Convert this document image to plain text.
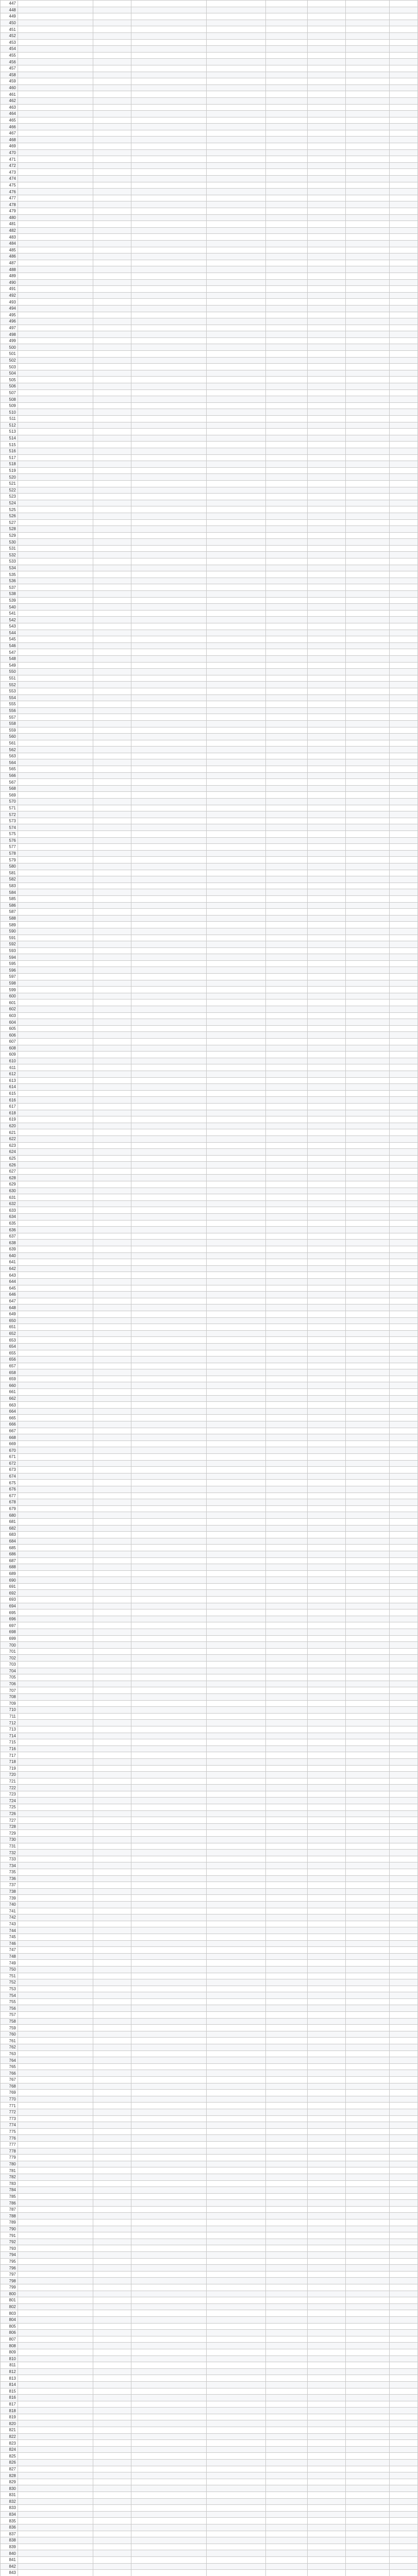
447								
448								
449								
450								
451								
452								
453								
454								
455								
456								
457								
458								
459								
460								
461								
462								
463								
464								
465								
466								
467								
468								
469								
470								
471								
472								
473								
474								
475								
476								
477								
478								
479								
480								
481								
482								
483								
484								
485								
486								
487								
488								
489								
490								
491								
492								
493								
494								
495								
496								
497								
498								
499								
500								
501								
502								
503								
504								
505								
506								
507								
508								
509								
510								
511								
512								
513								
514								
515								
516								
517								
518								
519								
520								
521								
522								
523								
524								
525								
526								
527								
528								
529								
530								
531								
532								
533								
534								
535								
536								
537								
538								
539								
540								
541								
542								
543								
544								
545								
546								
547								
548								
549								
550								
551								
552								
553								
554								
555								
556								
557								
558								
559								
560								
561								
562								
563								
564								
565								
566								
567								
568								
569								
570								
571								
572								
573								
574								
575								
576								
577								
578								
579								
580								
581								
582								
583								
584								
585								
586								
587								
588								
589								
590								
591								
592								
593								
594								
595								
596								
597								
598								
599								
600								
601								
602								
603								
604								
605								
606								
607								
608								
609								
610								
611								
612								
613								
614								
615								
616								
617								
618								
619								
620								
621								
622								
623								
624								
625								
626								
627								
628								
629								
630								
631								
632								
633								
634								
635								
636								
637								
638								
639								
640								
641								
642								
643								
644								
645								
646								
647								
648								
649								
650								
651								
652								
653								
654								
655								
656								
657								
658								
659								
660								
661								
662								
663								
664								
665								
666								
667								
668								
669								
670								
671								
672								
673								
674								
675								
676								
677								
678								
679								
680								
681								
682								
683								
684								
685								
686								
687								
688								
689								
690								
691								
692								
693								
694								
695								
696								
697								
698								
699								
700								
701								
702								
703								
704								
705								
706								
707								
708								
709								
710								
711								
712								
713								
714								
715								
716								
717								
718								
719								
720								
721								
722								
723								
724								
725								
726								
727								
728								
729								
730								
731								
732								
733								
734								
735								
736								
737								
738								
739								
740								
741								
742								
743								
744								
745								
746								
747								
748								
749								
750								
751								
752								
753								
754								
755								
756								
757								
758								
759								
760								
761								
762								
763								
764								
765								
766								
767								
768								
769								
770								
771								
772								
773								
774								
775								
776								
777								
778								
779								
780								
781								
782								
783								
784								
785								
786								
787								
788								
789								
790								
791								
792								
793								
794								
795								
796								
797								
798								
799								
800								
801								
802								
803								
804								
805								
806								
807								
808								
809								
810								
811								
812								
813								
814								
815								
816								
817								
818								
819								
820								
821								
822								
823								
824								
825								
826								
827								
828								
829								
830								
831								
832								
833								
834								
835								
836								
837								
838								
839								
840								
841								
842								
843								
